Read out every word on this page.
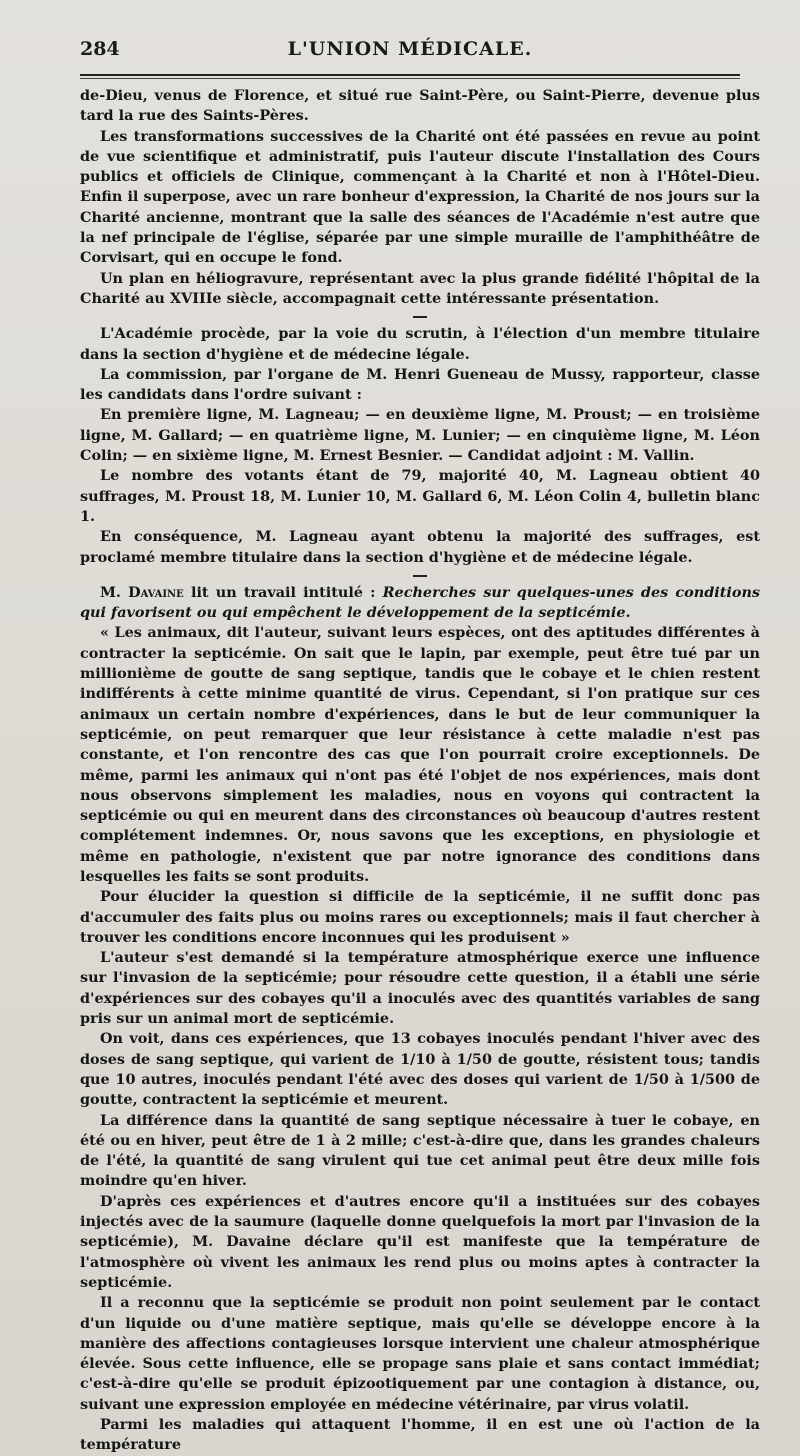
284	L'UNION MÉDICALE.

de-Dieu, venus de Florence, et situé rue Saint-Père, ou Saint-Pierre, devenue plus tard la rue des Saints-Pères.

Les transformations successives de la Charité ont été passées en revue au point de vue scientifique et administratif, puis l'auteur discute l'installation des Cours publics et officiels de Clinique, commençant à la Charité et non à l'Hôtel-Dieu. Enfin il superpose, avec un rare bonheur d'expression, la Charité de nos jours sur la Charité ancienne, montrant que la salle des séances de l'Académie n'est autre que la nef principale de l'église, séparée par une simple muraille de l'amphithéâtre de Corvisart, qui en occupe le fond.

Un plan en héliogravure, représentant avec la plus grande fidélité l'hôpital de la Charité au XVIIIe siècle, accompagnait cette intéressante présentation.

L'Académie procède, par la voie du scrutin, à l'élection d'un membre titulaire dans la section d'hygiène et de médecine légale.

La commission, par l'organe de M. Henri Gueneau de Mussy, rapporteur, classe les candidats dans l'ordre suivant :

En première ligne, M. Lagneau; — en deuxième ligne, M. Proust; — en troisième ligne, M. Gallard; — en quatrième ligne, M. Lunier; — en cinquième ligne, M. Léon Colin; — en sixième ligne, M. Ernest Besnier. — Candidat adjoint : M. Vallin.

Le nombre des votants étant de 79, majorité 40, M. Lagneau obtient 40 suffrages, M. Proust 18, M. Lunier 10, M. Gallard 6, M. Léon Colin 4, bulletin blanc 1.

En conséquence, M. Lagneau ayant obtenu la majorité des suffrages, est proclamé membre titulaire dans la section d'hygiène et de médecine légale.

M. Davaine lit un travail intitulé : Recherches sur quelques-unes des conditions qui favorisent ou qui empêchent le développement de la septicémie.

« Les animaux, dit l'auteur, suivant leurs espèces, ont des aptitudes différentes à contracter la septicémie. On sait que le lapin, par exemple, peut être tué par un millionième de goutte de sang septique, tandis que le cobaye et le chien restent indifférents à cette minime quantité de virus. Cependant, si l'on pratique sur ces animaux un certain nombre d'expériences, dans le but de leur communiquer la septicémie, on peut remarquer que leur résistance à cette maladie n'est pas constante, et l'on rencontre des cas que l'on pourrait croire exceptionnels. De même, parmi les animaux qui n'ont pas été l'objet de nos expériences, mais dont nous observons simplement les maladies, nous en voyons qui contractent la septicémie ou qui en meurent dans des circonstances où beaucoup d'autres restent complétement indemnes. Or, nous savons que les exceptions, en physiologie et même en pathologie, n'existent que par notre ignorance des conditions dans lesquelles les faits se sont produits.

Pour élucider la question si difficile de la septicémie, il ne suffit donc pas d'accumuler des faits plus ou moins rares ou exceptionnels; mais il faut chercher à trouver les conditions encore inconnues qui les produisent »

L'auteur s'est demandé si la température atmosphérique exerce une influence sur l'invasion de la septicémie; pour résoudre cette question, il a établi une série d'expériences sur des cobayes qu'il a inoculés avec des quantités variables de sang pris sur un animal mort de septicémie.

On voit, dans ces expériences, que 13 cobayes inoculés pendant l'hiver avec des doses de sang septique, qui varient de 1/10 à 1/50 de goutte, résistent tous; tandis que 10 autres, inoculés pendant l'été avec des doses qui varient de 1/50 à 1/500 de goutte, contractent la septicémie et meurent.

La différence dans la quantité de sang septique nécessaire à tuer le cobaye, en été ou en hiver, peut être de 1 à 2 mille; c'est-à-dire que, dans les grandes chaleurs de l'été, la quantité de sang virulent qui tue cet animal peut être deux mille fois moindre qu'en hiver.

D'après ces expériences et d'autres encore qu'il a instituées sur des cobayes injectés avec de la saumure (laquelle donne quelquefois la mort par l'invasion de la septicémie), M. Davaine déclare qu'il est manifeste que la température de l'atmosphère où vivent les animaux les rend plus ou moins aptes à contracter la septicémie.

Il a reconnu que la septicémie se produit non point seulement par le contact d'un liquide ou d'une matière septique, mais qu'elle se développe encore à la manière des affections contagieuses lorsque intervient une chaleur atmosphérique élevée. Sous cette influence, elle se propage sans plaie et sans contact immédiat; c'est-à-dire qu'elle se produit épizootiquement par une contagion à distance, ou, suivant une expression employée en médecine vétérinaire, par virus volatil.

Parmi les maladies qui attaquent l'homme, il en est une où l'action de la température
